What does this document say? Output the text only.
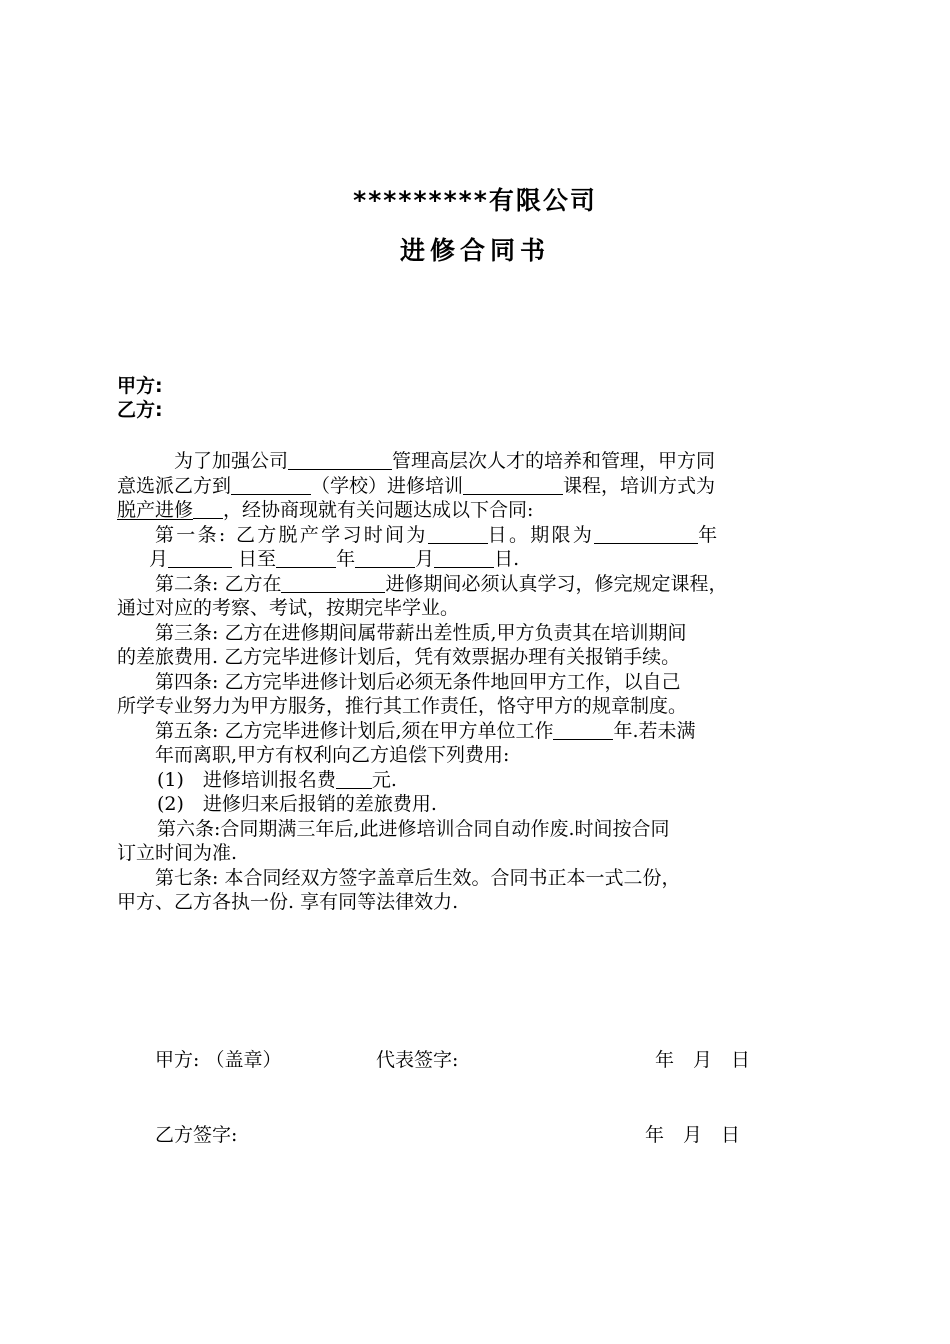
*********有限公司
进修合同书
甲方:
乙方:
为了加强公司	管理高层次人才的培养和管理，甲方同
意选派乙方到	（学校）进修培训	课程，培训方式为
脱产进修 ，经协商现就有关问题达成以下合同:
第一条: 乙方脱产学习时间为	日。期限为	年
月	日至	年	月	日.
第二条: 乙方在	进修期间必须认真学习，修完规定课程，
通过对应的考察、考试，按期完毕学业。
第三条: 乙方在进修期间属带薪出差性质,甲方负责其在培训期间
的差旅费用. 乙方完毕进修计划后，凭有效票据办理有关报销手续。
第四条: 乙方完毕进修计划后必须无条件地回甲方工作，以自己
所学专业努力为甲方服务，推行其工作责任，恪守甲方的规章制度。
第五条: 乙方完毕进修计划后,须在甲方单位工作	年.若未满
年而离职,甲方有权利向乙方追偿下列费用:
(1)　进修培训报名费 元.
(2)　进修归来后报销的差旅费用.
第六条:合同期满三年后,此进修培训合同自动作废.时间按合同
订立时间为准.
第七条: 本合同经双方签字盖章后生效。合同书正本一式二份，
甲方、乙方各执一份. 享有同等法律效力.
甲方: （盖章）	代表签字:	年　月　日
乙方签字:	年　月　日
